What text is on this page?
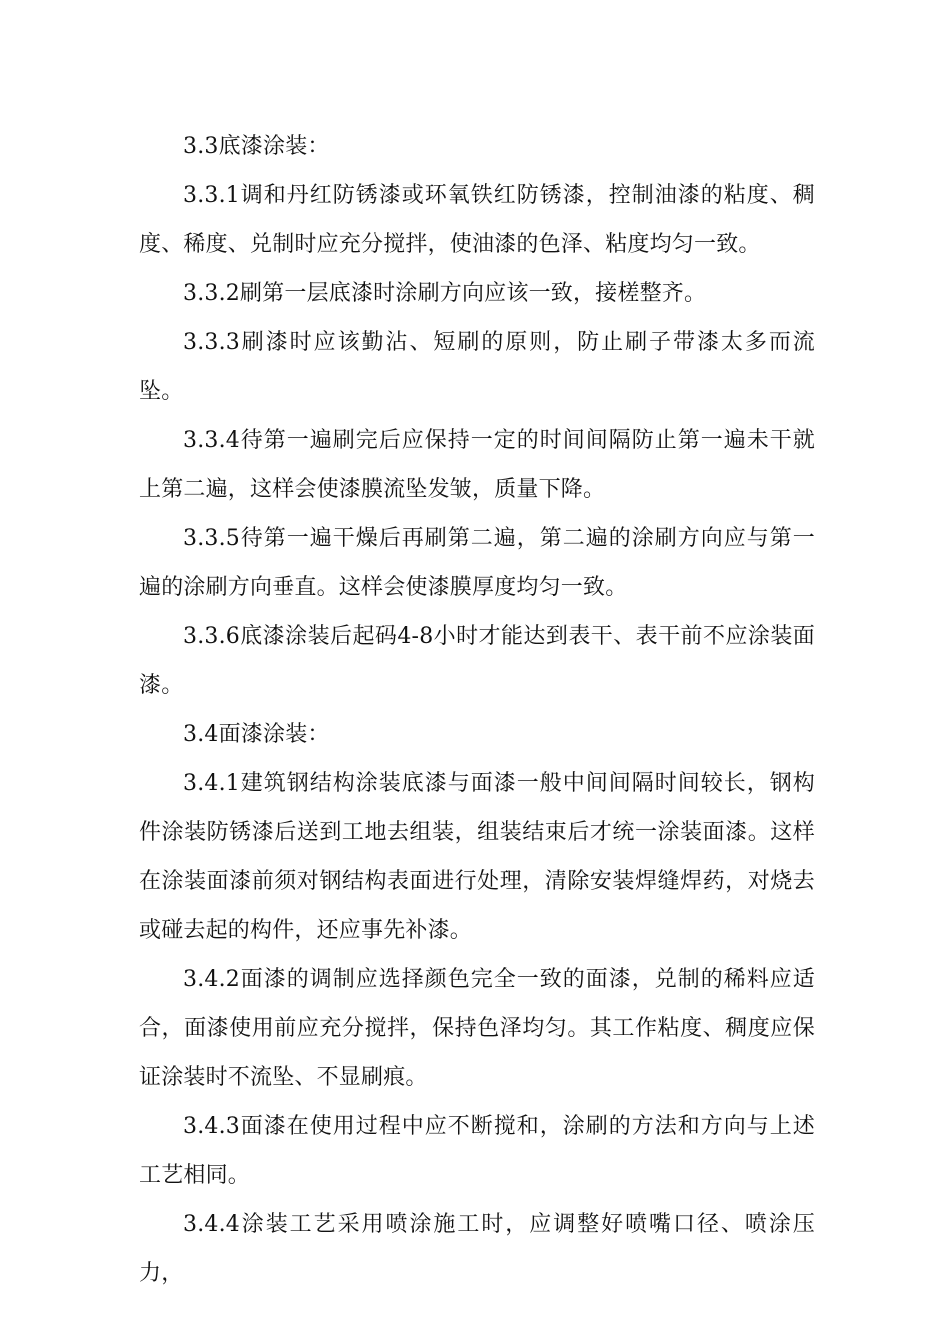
3.3底漆涂装：

3.3.1调和丹红防锈漆或环氧铁红防锈漆，控制油漆的粘度、稠度、稀度、兑制时应充分搅拌，使油漆的色泽、粘度均匀一致。

3.3.2刷第一层底漆时涂刷方向应该一致，接槎整齐。

3.3.3刷漆时应该勤沾、短刷的原则，防止刷子带漆太多而流坠。

3.3.4待第一遍刷完后应保持一定的时间间隔防止第一遍未干就上第二遍，这样会使漆膜流坠发皱，质量下降。

3.3.5待第一遍干燥后再刷第二遍，第二遍的涂刷方向应与第一遍的涂刷方向垂直。这样会使漆膜厚度均匀一致。

3.3.6底漆涂装后起码4-8小时才能达到表干、表干前不应涂装面漆。

3.4面漆涂装：

3.4.1建筑钢结构涂装底漆与面漆一般中间间隔时间较长，钢构件涂装防锈漆后送到工地去组装，组装结束后才统一涂装面漆。这样在涂装面漆前须对钢结构表面进行处理，清除安装焊缝焊药，对烧去或碰去起的构件，还应事先补漆。

3.4.2面漆的调制应选择颜色完全一致的面漆，兑制的稀料应适合，面漆使用前应充分搅拌，保持色泽均匀。其工作粘度、稠度应保证涂装时不流坠、不显刷痕。

3.4.3面漆在使用过程中应不断搅和，涂刷的方法和方向与上述工艺相同。

3.4.4涂装工艺采用喷涂施工时，应调整好喷嘴口径、喷涂压力，
